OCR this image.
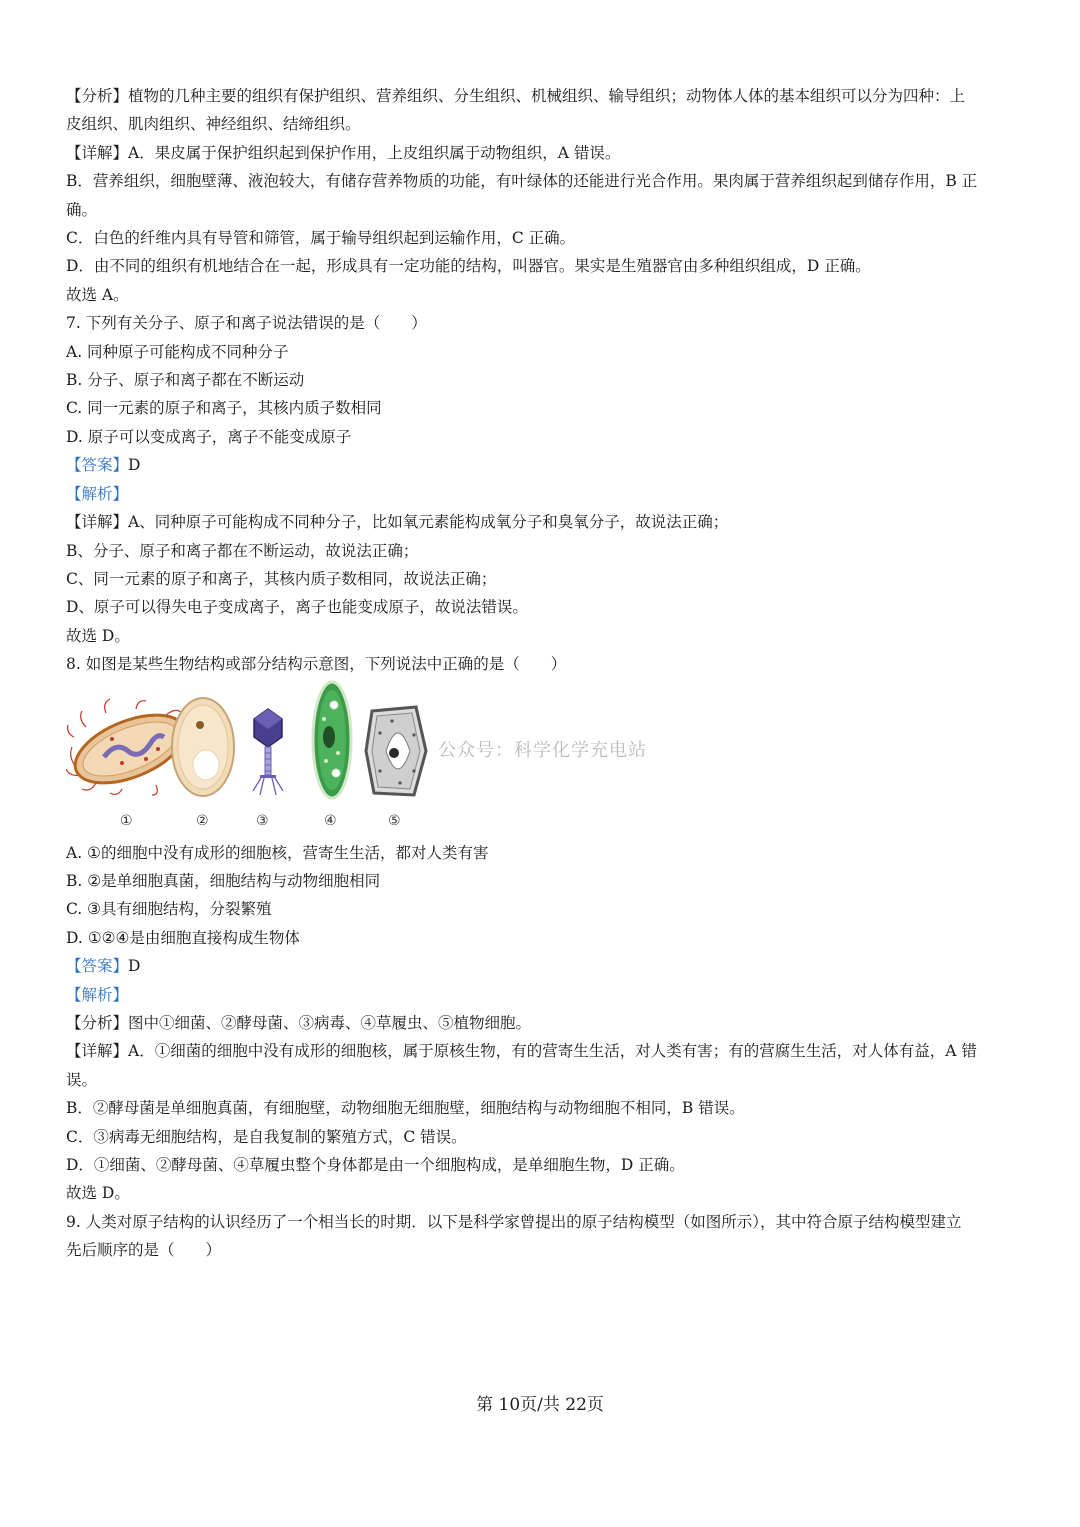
【分析】植物的几种主要的组织有保护组织、营养组织、分生组织、机械组织、输导组织；动物体人体的基本组织可以分为四种：上
皮组织、肌肉组织、神经组织、结缔组织。
【详解】A．果皮属于保护组织起到保护作用，上皮组织属于动物组织，A 错误。
B．营养组织，细胞壁薄、液泡较大，有储存营养物质的功能，有叶绿体的还能进行光合作用。果肉属于营养组织起到储存作用，B 正
确。
C．白色的纤维内具有导管和筛管，属于输导组织起到运输作用，C 正确。
D．由不同的组织有机地结合在一起，形成具有一定功能的结构，叫器官。果实是生殖器官由多种组织组成，D 正确。
故选 A。
7. 下列有关分子、原子和离子说法错误的是（　　）
A. 同种原子可能构成不同种分子
B. 分子、原子和离子都在不断运动
C. 同一元素的原子和离子，其核内质子数相同
D. 原子可以变成离子，离子不能变成原子
【答案】D
【解析】
【详解】A、同种原子可能构成不同种分子，比如氧元素能构成氧分子和臭氧分子，故说法正确；
B、分子、原子和离子都在不断运动，故说法正确；
C、同一元素的原子和离子，其核内质子数相同，故说法正确；
D、原子可以得失电子变成离子，离子也能变成原子，故说法错误。
故选 D。
8. 如图是某些生物结构或部分结构示意图，下列说法中正确的是（　　）
①	②	③	④	⑤
公众号：科学化学充电站
A. ①的细胞中没有成形的细胞核，营寄生生活，都对人类有害
B. ②是单细胞真菌，细胞结构与动物细胞相同
C. ③具有细胞结构，分裂繁殖
D. ①②④是由细胞直接构成生物体
【答案】D
【解析】
【分析】图中①细菌、②酵母菌、③病毒、④草履虫、⑤植物细胞。
【详解】A．①细菌的细胞中没有成形的细胞核，属于原核生物，有的营寄生生活，对人类有害；有的营腐生生活，对人体有益，A 错
误。
B．②酵母菌是单细胞真菌，有细胞壁，动物细胞无细胞壁，细胞结构与动物细胞不相同，B 错误。
C．③病毒无细胞结构，是自我复制的繁殖方式，C 错误。
D．①细菌、②酵母菌、④草履虫整个身体都是由一个细胞构成，是单细胞生物，D 正确。
故选 D。
9. 人类对原子结构的认识经历了一个相当长的时期．以下是科学家曾提出的原子结构模型（如图所示），其中符合原子结构模型建立
先后顺序的是（　　）
第 10页/共 22页
